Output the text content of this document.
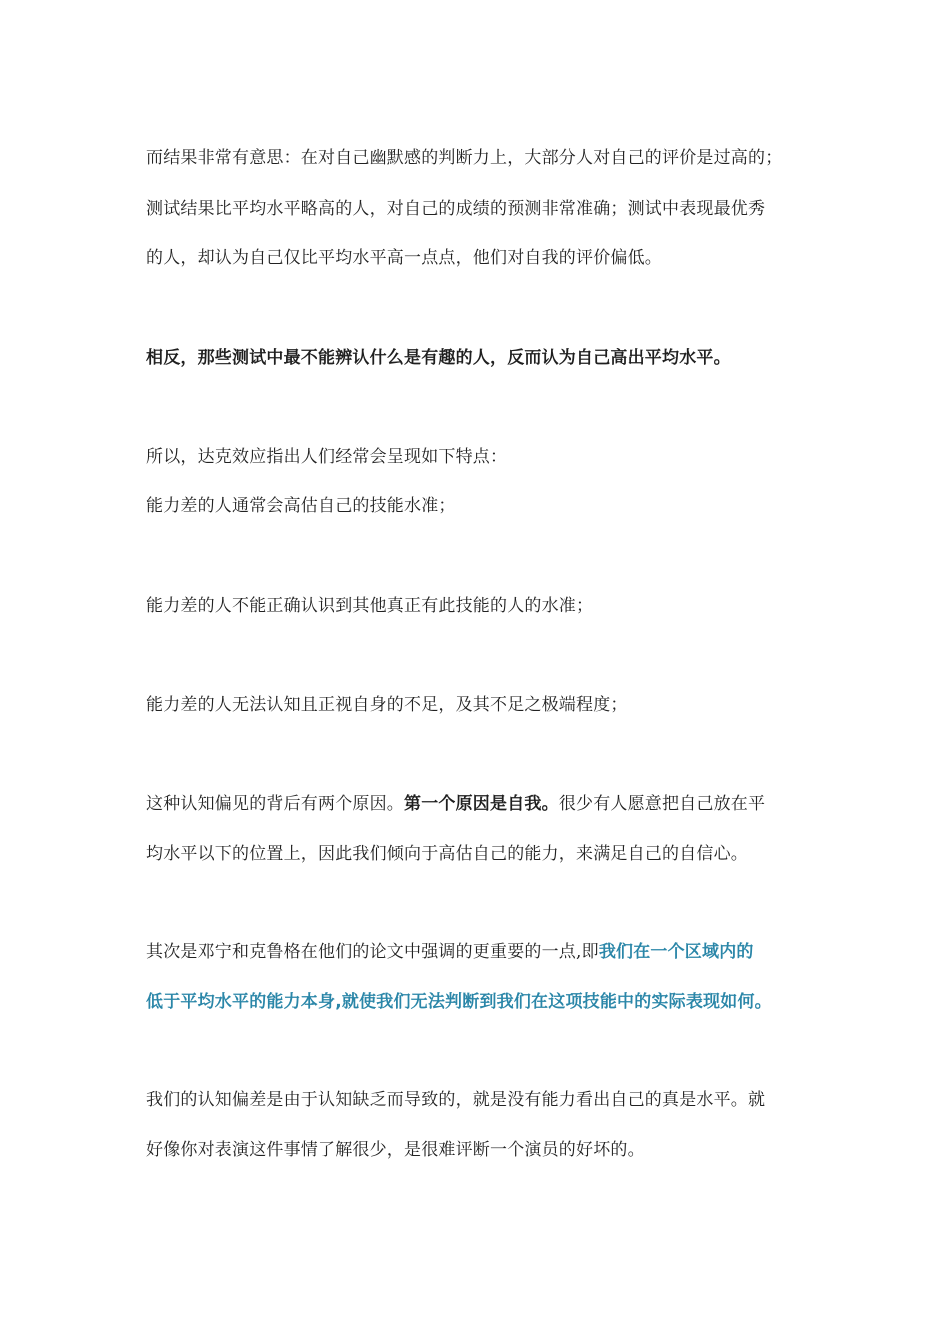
而结果非常有意思：在对自己幽默感的判断力上，大部分人对自己的评价是过高的；
测试结果比平均水平略高的人，对自己的成绩的预测非常准确；测试中表现最优秀
的人，却认为自己仅比平均水平高一点点，他们对自我的评价偏低。
相反，那些测试中最不能辨认什么是有趣的人，反而认为自己高出平均水平。
所以，达克效应指出人们经常会呈现如下特点：
能力差的人通常会高估自己的技能水准；
能力差的人不能正确认识到其他真正有此技能的人的水准；
能力差的人无法认知且正视自身的不足，及其不足之极端程度；
这种认知偏见的背后有两个原因。第一个原因是自我。很少有人愿意把自己放在平
均水平以下的位置上，因此我们倾向于高估自己的能力，来满足自己的自信心。
其次是邓宁和克鲁格在他们的论文中强调的更重要的一点,即我们在一个区域内的
低于平均水平的能力本身,就使我们无法判断到我们在这项技能中的实际表现如何。
我们的认知偏差是由于认知缺乏而导致的，就是没有能力看出自己的真是水平。就
好像你对表演这件事情了解很少，是很难评断一个演员的好坏的。
